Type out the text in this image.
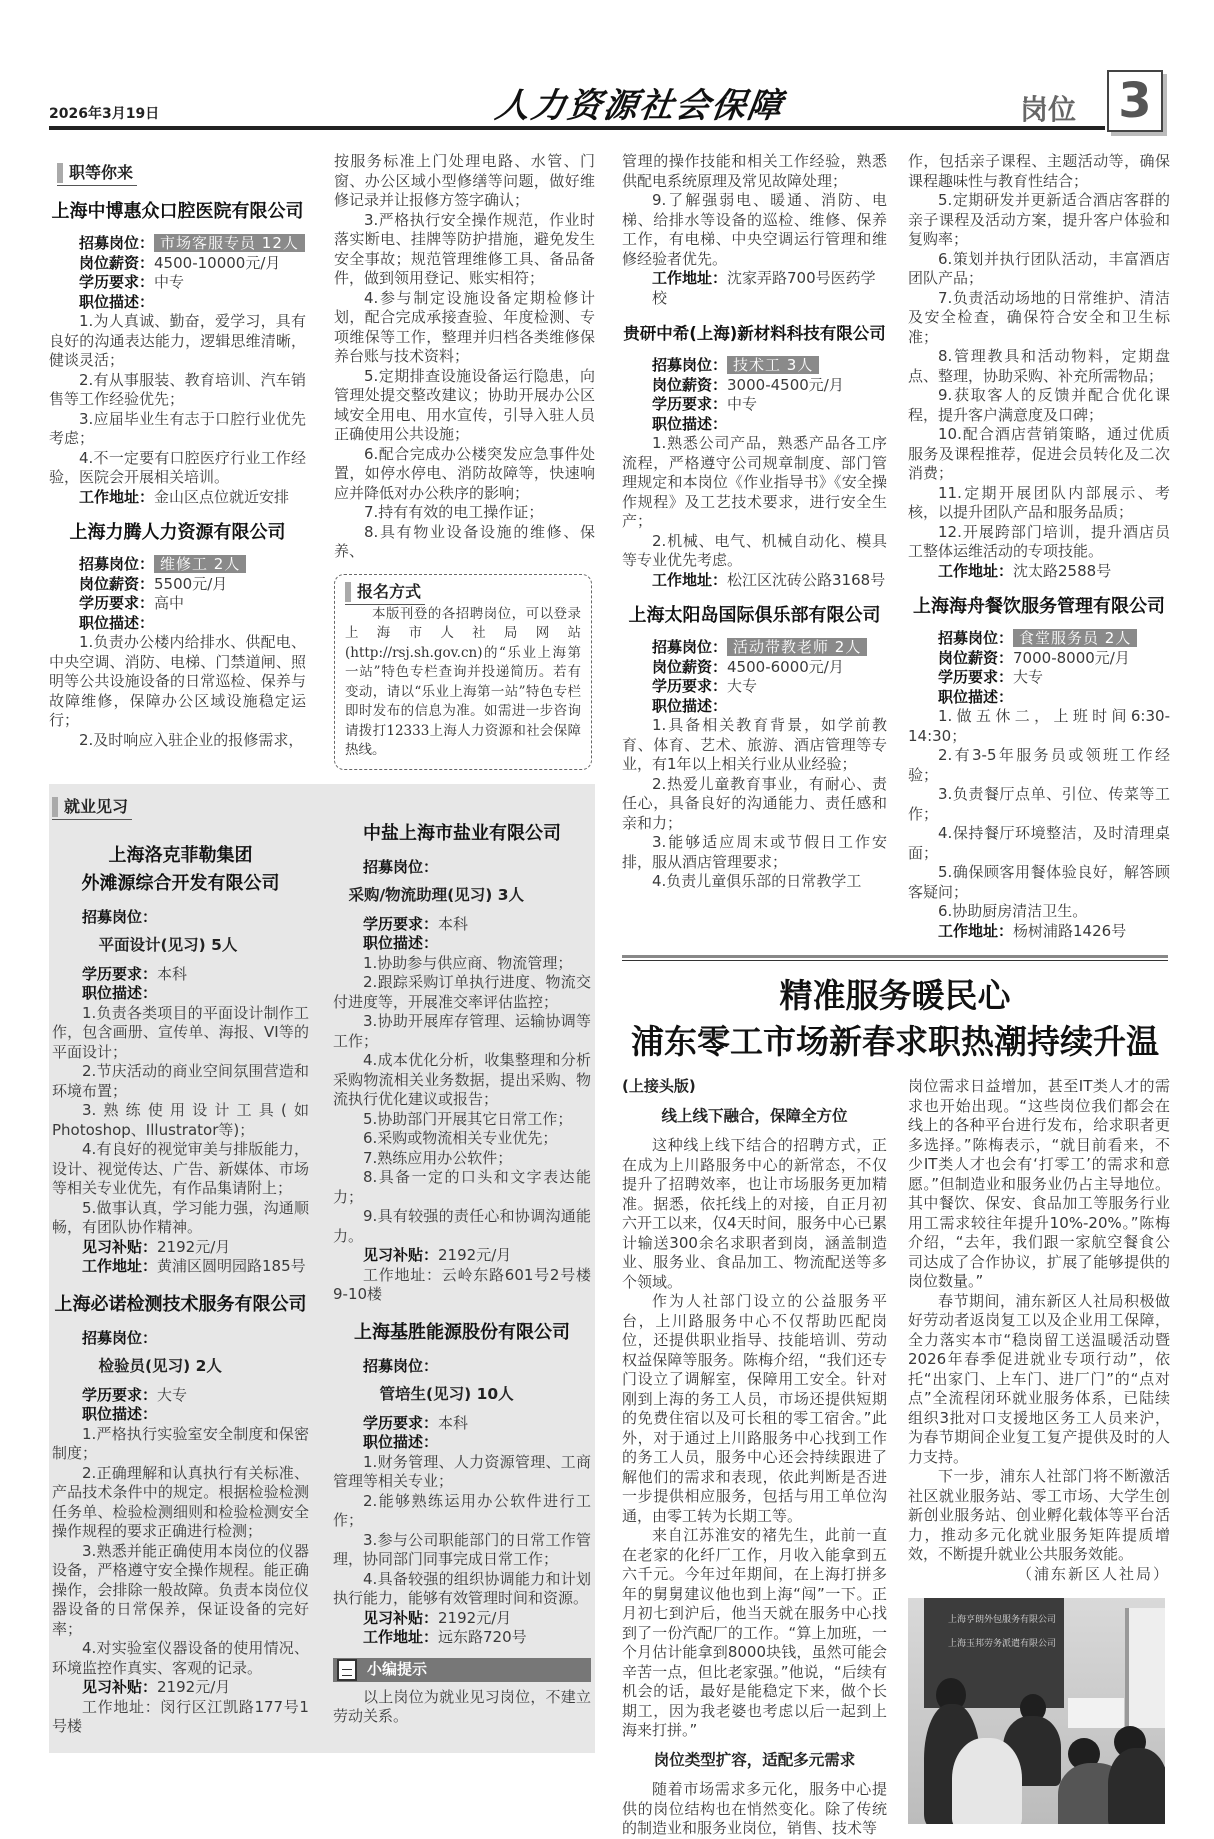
2026年3月19日	人力资源社会保障	岗位 3
职等你来
上海中博惠众口腔医院有限公司

招募岗位： 市场客服专员 12人

岗位薪资：4500-10000元/月

学历要求：中专

职位描述：

1.为人真诚、勤奋，爱学习，具有良好的沟通表达能力，逻辑思维清晰，健谈灵活；

2.有从事服装、教育培训、汽车销售等工作经验优先；

3.应届毕业生有志于口腔行业优先考虑；

4.不一定要有口腔医疗行业工作经验，医院会开展相关培训。

工作地址：金山区点位就近安排

上海力腾人力资源有限公司

招募岗位： 维修工 2人

岗位薪资：5500元/月

学历要求：高中

职位描述：

1.负责办公楼内给排水、供配电、中央空调、消防、电梯、门禁道闸、照明等公共设施设备的日常巡检、保养与故障维修，保障办公区域设施稳定运行；

2.及时响应入驻企业的报修需求，

按服务标准上门处理电路、水管、门窗、办公区域小型修缮等问题，做好维修记录并让报修方签字确认；

3.严格执行安全操作规范，作业时落实断电、挂牌等防护措施，避免发生安全事故；规范管理维修工具、备品备件，做到领用登记、账实相符；

4.参与制定设施设备定期检修计划，配合完成承接查验、年度检测、专项维保等工作，整理并归档各类维修保养台账与技术资料；

5.定期排查设施设备运行隐患，向管理处提交整改建议；协助开展办公区域安全用电、用水宣传，引导入驻人员正确使用公共设施；

6.配合完成办公楼突发应急事件处置，如停水停电、消防故障等，快速响应并降低对办公秩序的影响；

7.持有有效的电工操作证；

8.具有物业设备设施的维修、保养、

报名方式

本版刊登的各招聘岗位，可以登录上海市人社局网站(http://rsj.sh.gov.cn)的“乐业上海第一站”特色专栏查询并投递简历。若有变动，请以“乐业上海第一站”特色专栏即时发布的信息为准。如需进一步咨询请拨打12333上海人力资源和社会保障热线。

就业见习
上海洛克菲勒集团
外滩源综合开发有限公司

招募岗位：

平面设计(见习) 5人

学历要求：本科

职位描述：

1.负责各类项目的平面设计制作工作，包含画册、宣传单、海报、VI等的平面设计；

2.节庆活动的商业空间氛围营造和环境布置；

3.熟练使用设计工具(如Photoshop、Illustrator等)；

4.有良好的视觉审美与排版能力，设计、视觉传达、广告、新媒体、市场等相关专业优先，有作品集请附上；

5.做事认真，学习能力强，沟通顺畅，有团队协作精神。

见习补贴：2192元/月

工作地址：黄浦区圆明园路185号

上海必诺检测技术服务有限公司

招募岗位：

检验员(见习) 2人

学历要求：大专

职位描述：

1.严格执行实验室安全制度和保密制度；

2.正确理解和认真执行有关标准、产品技术条件中的规定。根据检验检测任务单、检验检测细则和检验检测安全操作规程的要求正确进行检测；

3.熟悉并能正确使用本岗位的仪器设备，严格遵守安全操作规程。能正确操作，会排除一般故障。负责本岗位仪器设备的日常保养，保证设备的完好率；

4.对实验室仪器设备的使用情况、环境监控作真实、客观的记录。

见习补贴：2192元/月

工作地址：闵行区江凯路177号1号楼

中盐上海市盐业有限公司

招募岗位：

采购/物流助理(见习) 3人

学历要求：本科

职位描述：

1.协助参与供应商、物流管理；

2.跟踪采购订单执行进度、物流交付进度等，开展准交率评估监控；

3.协助开展库存管理、运输协调等工作；

4.成本优化分析，收集整理和分析采购物流相关业务数据，提出采购、物流执行优化建议或报告；

5.协助部门开展其它日常工作；

6.采购或物流相关专业优先；

7.熟练应用办公软件；

8.具备一定的口头和文字表达能力；

9.具有较强的责任心和协调沟通能力。

见习补贴：2192元/月

工作地址：云岭东路601号2号楼9-10楼

上海基胜能源股份有限公司

招募岗位：

管培生(见习) 10人

学历要求：本科

职位描述：

1.财务管理、人力资源管理、工商管理等相关专业；

2.能够熟练运用办公软件进行工作；

3.参与公司职能部门的日常工作管理，协同部门同事完成日常工作；

4.具备较强的组织协调能力和计划执行能力，能够有效管理时间和资源。

见习补贴：2192元/月

工作地址：远东路720号

小编提示

以上岗位为就业见习岗位，不建立劳动关系。

管理的操作技能和相关工作经验，熟悉供配电系统原理及常见故障处理；

9.了解强弱电、暖通、消防、电梯、给排水等设备的巡检、维修、保养工作，有电梯、中央空调运行管理和维修经验者优先。

工作地址：沈家弄路700号医药学校

贵研中希(上海)新材料科技有限公司

招募岗位： 技术工 3人

岗位薪资：3000-4500元/月

学历要求：中专

职位描述：

1.熟悉公司产品，熟悉产品各工序流程，严格遵守公司规章制度、部门管理规定和本岗位《作业指导书》《安全操作规程》及工艺技术要求，进行安全生产；

2.机械、电气、机械自动化、模具等专业优先考虑。

工作地址：松江区沈砖公路3168号

上海太阳岛国际俱乐部有限公司

招募岗位： 活动带教老师 2人

岗位薪资：4500-6000元/月

学历要求：大专

职位描述：

1.具备相关教育背景，如学前教育、体育、艺术、旅游、酒店管理等专业，有1年以上相关行业从业经验；

2.热爱儿童教育事业，有耐心、责任心，具备良好的沟通能力、责任感和亲和力；

3.能够适应周末或节假日工作安排，服从酒店管理要求；

4.负责儿童俱乐部的日常教学工

作，包括亲子课程、主题活动等，确保课程趣味性与教育性结合；

5.定期研发并更新适合酒店客群的亲子课程及活动方案，提升客户体验和复购率；

6.策划并执行团队活动，丰富酒店团队产品；

7.负责活动场地的日常维护、清洁及安全检查，确保符合安全和卫生标准；

8.管理教具和活动物料，定期盘点、整理，协助采购、补充所需物品；

9.获取客人的反馈并配合优化课程，提升客户满意度及口碑；

10.配合酒店营销策略，通过优质服务及课程推荐，促进会员转化及二次消费；

11.定期开展团队内部展示、考核，以提升团队产品和服务品质；

12.开展跨部门培训，提升酒店员工整体运维活动的专项技能。

工作地址：沈太路2588号

上海海舟餐饮服务管理有限公司

招募岗位： 食堂服务员 2人

岗位薪资：7000-8000元/月

学历要求：大专

职位描述：

1.做五休二，上班时间6:30-14:30；

2.有3-5年服务员或领班工作经验；

3.负责餐厅点单、引位、传菜等工作；

4.保持餐厅环境整洁，及时清理桌面；

5.确保顾客用餐体验良好，解答顾客疑问；

6.协助厨房清洁卫生。

工作地址：杨树浦路1426号

精准服务暖民心
浦东零工市场新春求职热潮持续升温
(上接头版)
线上线下融合，保障全方位

这种线上线下结合的招聘方式，正在成为上川路服务中心的新常态，不仅提升了招聘效率，也让市场服务更加精准。据悉，依托线上的对接，自正月初六开工以来，仅4天时间，服务中心已累计输送300余名求职者到岗，涵盖制造业、服务业、食品加工、物流配送等多个领域。

作为人社部门设立的公益服务平台，上川路服务中心不仅帮助匹配岗位，还提供职业指导、技能培训、劳动权益保障等服务。陈梅介绍，“我们还专门设立了调解室，保障用工安全。针对刚到上海的务工人员，市场还提供短期的免费住宿以及可长租的零工宿舍。”此外，对于通过上川路服务中心找到工作的务工人员，服务中心还会持续跟进了解他们的需求和表现，依此判断是否进一步提供相应服务，包括与用工单位沟通，由零工转为长期工等。

来自江苏淮安的褚先生，此前一直在老家的化纤厂工作，月收入能拿到五六千元。今年过年期间，在上海打拼多年的舅舅建议他也到上海“闯”一下。正月初七到沪后，他当天就在服务中心找到了一份汽配厂的工作。“算上加班，一个月估计能拿到8000块钱，虽然可能会辛苦一点，但比老家强。”他说，“后续有机会的话，最好是能稳定下来，做个长期工，因为我老婆也考虑以后一起到上海来打拼。”

岗位类型扩容，适配多元需求

随着市场需求多元化，服务中心提供的岗位结构也在悄然变化。除了传统的制造业和服务业岗位，销售、技术等

岗位需求日益增加，甚至IT类人才的需求也开始出现。“这些岗位我们都会在线上的各种平台进行发布，给求职者更多选择。”陈梅表示，“就目前看来，不少IT类人才也会有‘打零工’的需求和意愿。”但制造业和服务业仍占主导地位。其中餐饮、保安、食品加工等服务行业用工需求较往年提升10%-20%。”陈梅介绍，“去年，我们跟一家航空餐食公司达成了合作协议，扩展了能够提供的岗位数量。”

春节期间，浦东新区人社局积极做好劳动者返岗复工以及企业用工保障，全力落实本市“稳岗留工送温暖活动暨2026年春季促进就业专项行动”，依托“出家门、上车门、进厂门”的“点对点”全流程闭环就业服务体系，已陆续组织3批对口支援地区务工人员来沪，为春节期间企业复工复产提供及时的人力支持。

下一步，浦东人社部门将不断激活社区就业服务站、零工市场、大学生创新创业服务站、创业孵化载体等平台活力，推动多元化就业服务矩阵提质增效，不断提升就业公共服务效能。

（浦东新区人社局）

上海亨朗外包服务有限公司
上海玉邦劳务派遣有限公司
